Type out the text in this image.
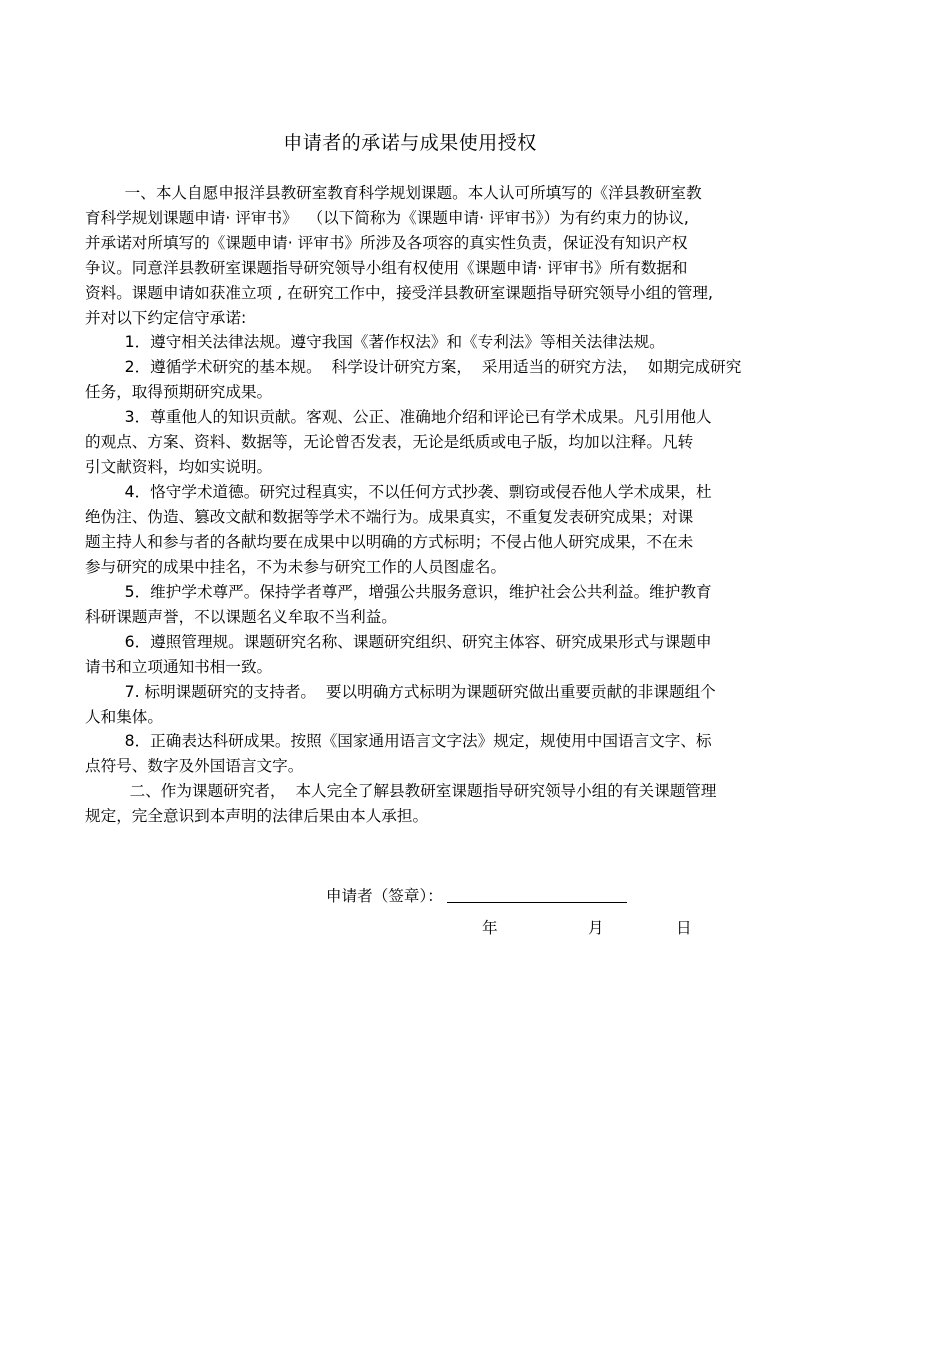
申请者的承诺与成果使用授权
一、本人自愿申报洋县教研室教育科学规划课题。本人认可所填写的《洋县教研室教
育科学规划课题申请· 评审书》  （以下简称为《课题申请· 评审书》）为有约束力的协议,
并承诺对所填写的《课题申请· 评审书》所涉及各项容的真实性负责，保证没有知识产权
争议。同意洋县教研室课题指导研究领导小组有权使用《课题申请· 评审书》所有数据和
资料。课题申请如获准立项 , 在研究工作中，接受洋县教研室课题指导研究领导小组的管理,
并对以下约定信守承诺:
1．遵守相关法律法规。遵守我国《著作权法》和《专利法》等相关法律法规。
2．遵循学术研究的基本规。  科学设计研究方案，  采用适当的研究方法，  如期完成研究
任务，取得预期研究成果。
3．尊重他人的知识贡献。客观、公正、准确地介绍和评论已有学术成果。凡引用他人
的观点、方案、资料、数据等，无论曾否发表，无论是纸质或电子版，均加以注释。凡转
引文献资料，均如实说明。
4．恪守学术道德。研究过程真实，不以任何方式抄袭、剽窃或侵吞他人学术成果，杜
绝伪注、伪造、篡改文献和数据等学术不端行为。成果真实，不重复发表研究成果；对课
题主持人和参与者的各献均要在成果中以明确的方式标明；不侵占他人研究成果，不在未
参与研究的成果中挂名，不为未参与研究工作的人员图虚名。
5．维护学术尊严。保持学者尊严，增强公共服务意识，维护社会公共利益。维护教育
科研课题声誉，不以课题名义牟取不当利益。
6．遵照管理规。课题研究名称、课题研究组织、研究主体容、研究成果形式与课题申
请书和立项通知书相一致。
7. 标明课题研究的支持者。  要以明确方式标明为课题研究做出重要贡献的非课题组个
人和集体。
8．正确表达科研成果。按照《国家通用语言文字法》规定，规使用中国语言文字、标
点符号、数字及外国语言文字。
二、作为课题研究者，  本人完全了解县教研室课题指导研究领导小组的有关课题管理
规定，完全意识到本声明的法律后果由本人承担。

申请者（签章）：

年	月	日
